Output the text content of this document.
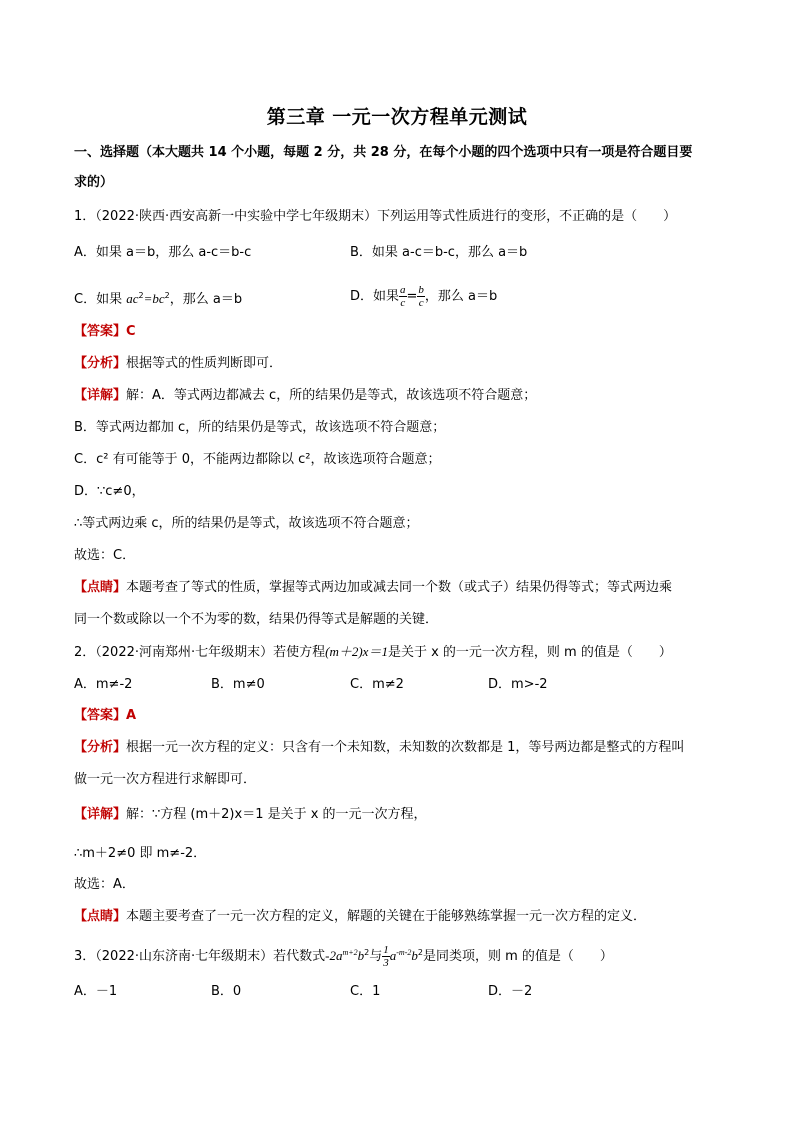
第三章 一元一次方程单元测试
一、选择题（本大题共 14 个小题，每题 2 分，共 28 分，在每个小题的四个选项中只有一项是符合题目要
求的）
1．（2022·陕西·西安高新一中实验中学七年级期末）下列运用等式性质进行的变形，不正确的是（　　）
A．如果 a＝b，那么 a-c＝b-c	B．如果 a-c＝b-c，那么 a＝b
C．如果 $ac^2=bc^2$，那么 a＝b	D．如果 $\frac{a}{c} = \frac{b}{c}$ ，那么 a＝b
【答案】C
【分析】根据等式的性质判断即可．
【详解】解：A．等式两边都减去 c，所的结果仍是等式，故该选项不符合题意；
B．等式两边都加 c，所的结果仍是等式，故该选项不符合题意；
C．c² 有可能等于 0，不能两边都除以 c²，故该选项符合题意；
D．∵c≠0，
∴等式两边乘 c，所的结果仍是等式，故该选项不符合题意；
故选：C．
【点睛】本题考查了等式的性质，掌握等式两边加或减去同一个数（或式子）结果仍得等式；等式两边乘
同一个数或除以一个不为零的数，结果仍得等式是解题的关键．
2．（2022·河南郑州·七年级期末）若使方程(m＋2)x＝1是关于 x 的一元一次方程，则 m 的值是（　　）
A．m≠-2	B．m≠0	C．m≠2	D．m>-2
【答案】A
【分析】根据一元一次方程的定义：只含有一个未知数，未知数的次数都是 1，等号两边都是整式的方程叫
做一元一次方程进行求解即可．
【详解】解：∵方程 (m＋2)x＝1 是关于 x 的一元一次方程，
∴m＋2≠0 即 m≠-2．
故选：A．
【点睛】本题主要考查了一元一次方程的定义，解题的关键在于能够熟练掌握一元一次方程的定义．
3．（2022·山东济南·七年级期末）若代数式$-2a^{m+2}b^2$与 $\frac{1}{3} a^{-m-2}b^2$是同类项，则 m 的值是（　　）
A．－1	B．0	C．1	D．－2
